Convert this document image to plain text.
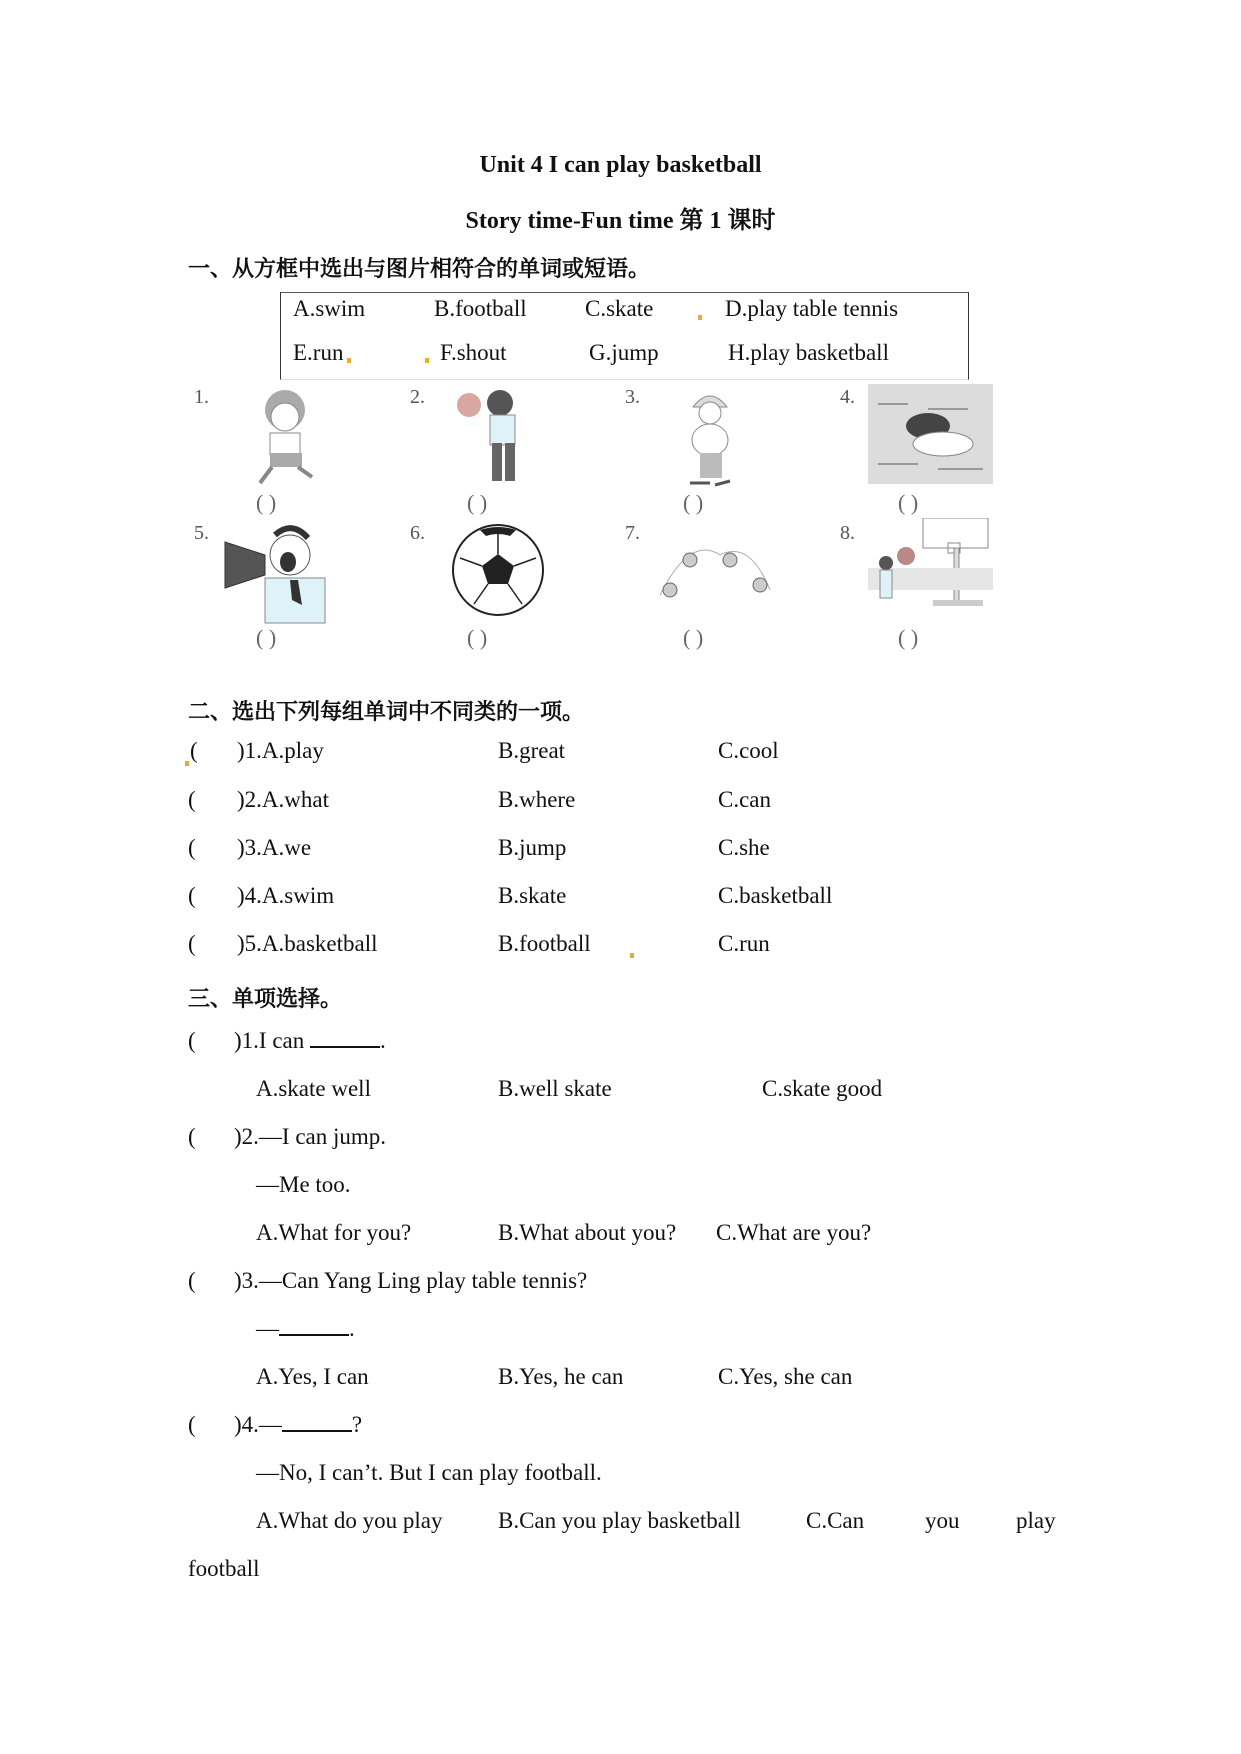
Unit 4 I can play basketball
Story time-Fun time 第 1 课时
一、从方框中选出与图片相符合的单词或短语。
A.swim	B.football	C.skate	D.play table tennis
E.run	F.shout	G.jump	H.play basketball
1.
( )
2.
( )
3.
( )
4.
( )
5.
( )
6.
( )
7.
( )
8.
( )
二、选出下列每组单词中不同类的一项。
( )1.A.play	B.great	C.cool
( )2.A.what	B.where	C.can
( )3.A.we	B.jump	C.she
( )4.A.swim	B.skate	C.basketball
( )5.A.basketball	B.football	C.run
三、单项选择。
( )1.I can	.
A.skate well	B.well skate	C.skate good
( )2.—I can jump.
—Me too.
A.What for you?	B.What about you? C.What are you?
( )3.—Can Yang Ling play table tennis?
—	.
A.Yes, I can	B.Yes, he can	C.Yes, she can
( )4.—	?
—No, I can’t. But I can play football.
A.What do you play B.Can you play basketball	C.Can	you play
football
